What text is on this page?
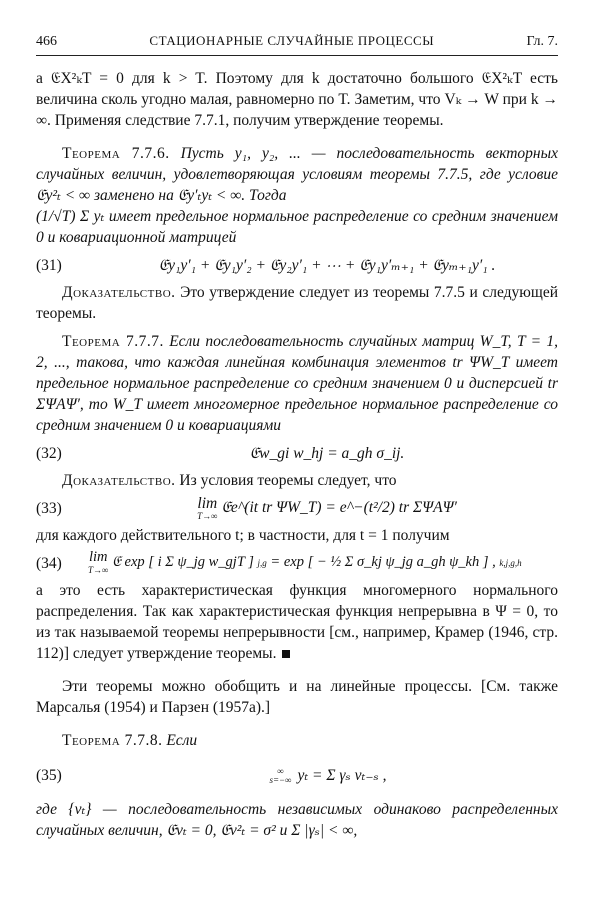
466	СТАЦИОНАРНЫЕ СЛУЧАЙНЫЕ ПРОЦЕССЫ	Гл. 7.

а 𝔈X²ₖT = 0 для k > T. Поэтому для k достаточно большого 𝔈X²ₖT есть величина сколь угодно малая, равномерно по T. Заметим, что Vₖ → W при k → ∞. Применяя следствие 7.7.1, получим утверждение теоремы.

Теорема 7.7.6. Пусть y₁, y₂, ... — последовательность векторных случайных величин, удовлетворяющая условиям теоремы 7.7.5, где условие 𝔈y²ₜ < ∞ заменено на 𝔈y′ₜyₜ < ∞. Тогда

(1/√T) Σ yₜ имеет предельное нормальное распределение со средним значением 0 и ковариационной матрицей

(31)	𝔈y₁y′₁ + 𝔈y₁y′₂ + 𝔈y₂y′₁ + ⋯ + 𝔈y₁y′ₘ₊₁ + 𝔈yₘ₊₁y′₁ .

Доказательство. Это утверждение следует из теоремы 7.7.5 и следующей теоремы.

Теорема 7.7.7. Если последовательность случайных матриц W_T, T = 1, 2, ..., такова, что каждая линейная комбинация элементов tr ΨW_T имеет предельное нормальное распределение со средним значением 0 и дисперсией tr ΣΨAΨ′, то W_T имеет многомерное предельное нормальное распределение со средним значением 0 и ковариациями

(32)	𝔈w_gi w_hj = a_gh σ_ij.

Доказательство. Из условия теоремы следует, что

(33)	lim
T→∞
𝔈e^(it tr ΨW_T) = e^−(t²/2) tr ΣΨAΨ′

для каждого действительного t; в частности, для t = 1 получим

(34)	lim
T→∞ 𝔈 exp [ i Σ ψ_jg w_gjT ] j,g = exp [ − ½ Σ σ_kj ψ_jg a_gh ψ_kh ] , k,j,g,h

а это есть характеристическая функция многомерного нормального распределения. Так как характеристическая функция непрерывна в Ψ = 0, то из так называемой теоремы непрерывности [см., например, Крамер (1946, стр. 112)] следует утверждение теоремы.

Эти теоремы можно обобщить и на линейные процессы. [См. также Марсалья (1954) и Парзен (1957а).]

Теорема 7.7.8. Если

(35)	∞
s=−∞ yₜ = Σ γₛ vₜ₋ₛ ,

где {vₜ} — последовательность независимых одинаково распределенных случайных величин, 𝔈vₜ = 0, 𝔈v²ₜ = σ² и Σ |γₛ| < ∞,
